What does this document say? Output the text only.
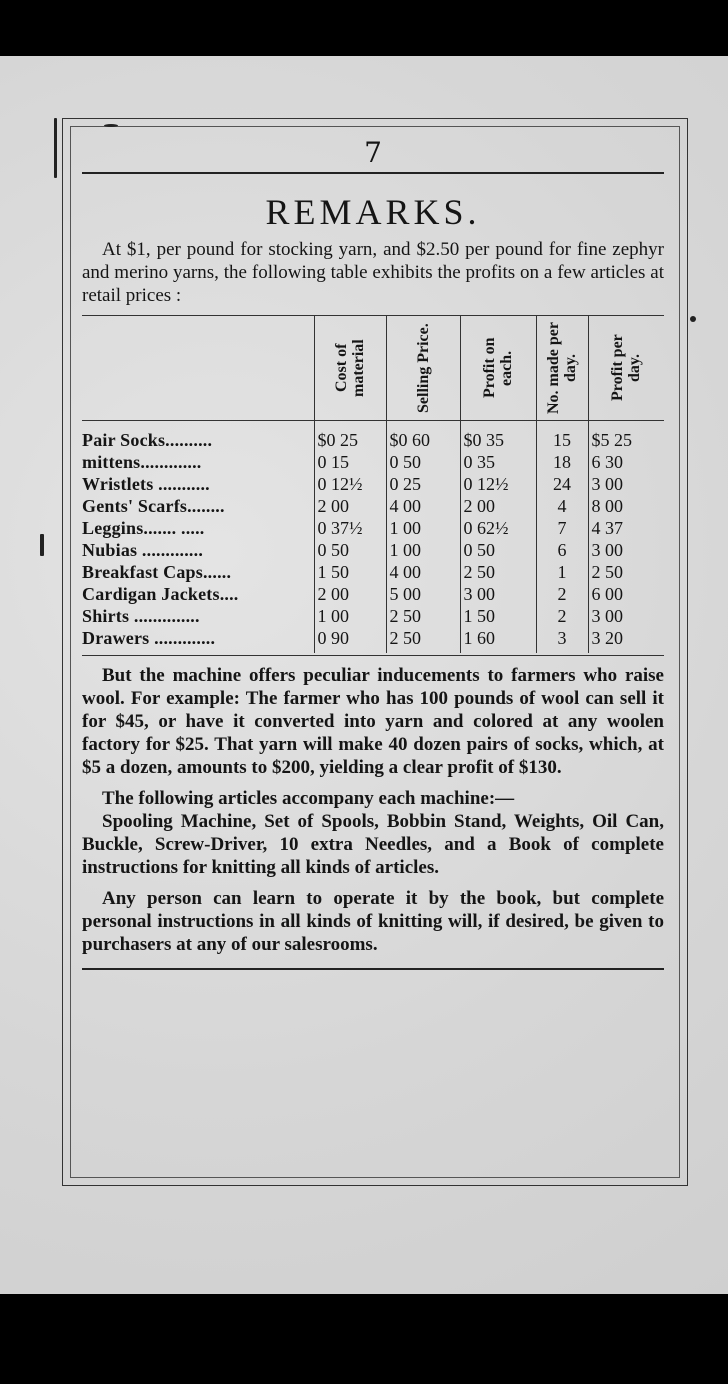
7
REMARKS.

At $1, per pound for stocking yarn, and $2.50 per pound for fine zephyr and merino yarns, the following table exhibits the profits on a few articles at retail prices :

	Cost of material	Selling Price.	Profit on each.	No. made per day.	Profit per day.

Pair Socks..........	$0 25	$0 60	$0 35	15	$5 25
mittens.............	0 15	0 50	0 35	18	6 30
Wristlets ...........	0 12½	0 25	0 12½	24	3 00
Gents' Scarfs........	2 00	4 00	2 00	4	8 00
Leggins....... .....	0 37½	1 00	0 62½	7	4 37
Nubias .............	0 50	1 00	0 50	6	3 00
Breakfast Caps......	1 50	4 00	2 50	1	2 50
Cardigan Jackets....	2 00	5 00	3 00	2	6 00
Shirts ..............	1 00	2 50	1 50	2	3 00
Drawers .............	0 90	2 50	1 60	3	3 20

But the machine offers peculiar inducements to farmers who raise wool. For example: The farmer who has 100 pounds of wool can sell it for $45, or have it converted into yarn and colored at any woolen factory for $25. That yarn will make 40 dozen pairs of socks, which, at $5 a dozen, amounts to $200, yielding a clear profit of $130.

The following articles accompany each machine:—

Spooling Machine, Set of Spools, Bobbin Stand, Weights, Oil Can, Buckle, Screw-Driver, 10 extra Needles, and a Book of complete instructions for knitting all kinds of articles.

Any person can learn to operate it by the book, but complete personal instructions in all kinds of knitting will, if desired, be given to purchasers at any of our salesrooms.
